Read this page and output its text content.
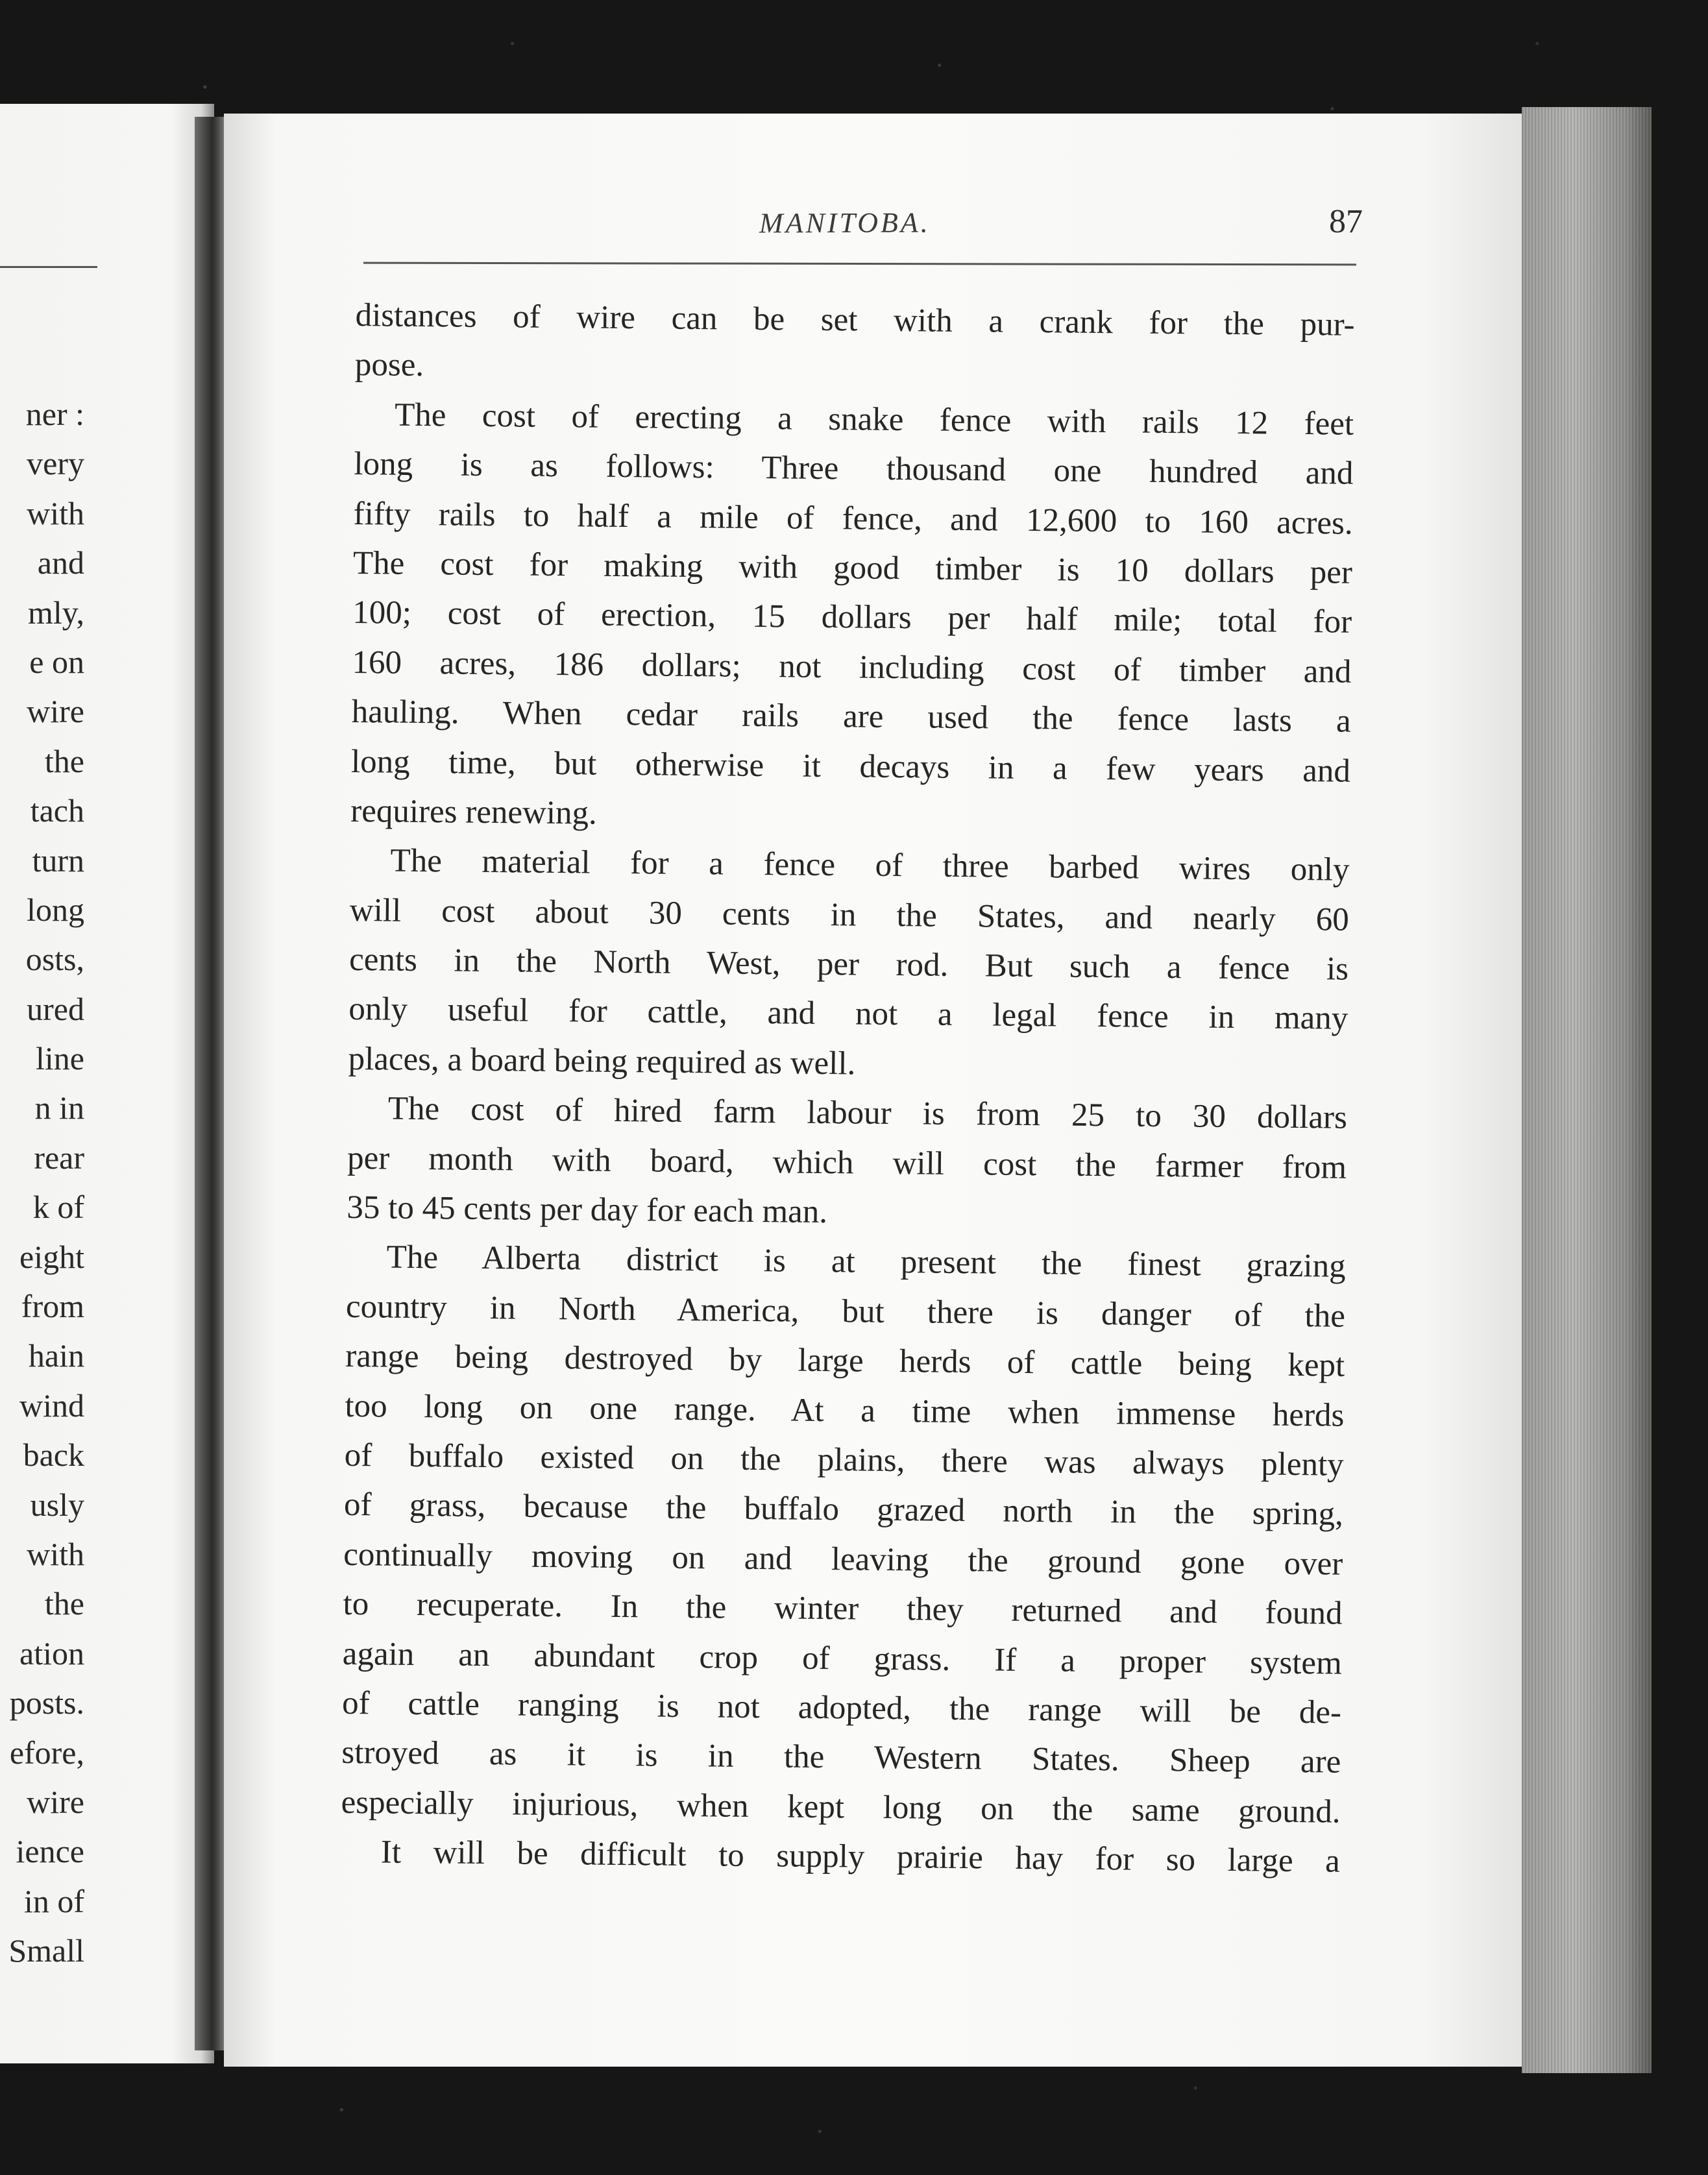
ner :
very
with
and
mly,
e on
wire
the
tach
turn
long
osts,
ured
line
n in
rear
k of
eight
from
hain
wind
back
usly
with
the
ation
posts.
efore,
wire
ience
in of
Small
MANITOBA.	87
distances of wire can be set with a crank for the pur-
pose.
The cost of erecting a snake fence with rails 12 feet
long is as follows: Three thousand one hundred and
fifty rails to half a mile of fence, and 12,600 to 160 acres.
The cost for making with good timber is 10 dollars per
100; cost of erection, 15 dollars per half mile; total for
160 acres, 186 dollars; not including cost of timber and
hauling. When cedar rails are used the fence lasts a
long time, but otherwise it decays in a few years and
requires renewing.
The material for a fence of three barbed wires only
will cost about 30 cents in the States, and nearly 60
cents in the North West, per rod. But such a fence is
only useful for cattle, and not a legal fence in many
places, a board being required as well.
The cost of hired farm labour is from 25 to 30 dollars
per month with board, which will cost the farmer from
35 to 45 cents per day for each man.
The Alberta district is at present the finest grazing
country in North America, but there is danger of the
range being destroyed by large herds of cattle being kept
too long on one range. At a time when immense herds
of buffalo existed on the plains, there was always plenty
of grass, because the buffalo grazed north in the spring,
continually moving on and leaving the ground gone over
to recuperate. In the winter they returned and found
again an abundant crop of grass. If a proper system
of cattle ranging is not adopted, the range will be de-
stroyed as it is in the Western States. Sheep are
especially injurious, when kept long on the same ground.
It will be difficult to supply prairie hay for so large a
